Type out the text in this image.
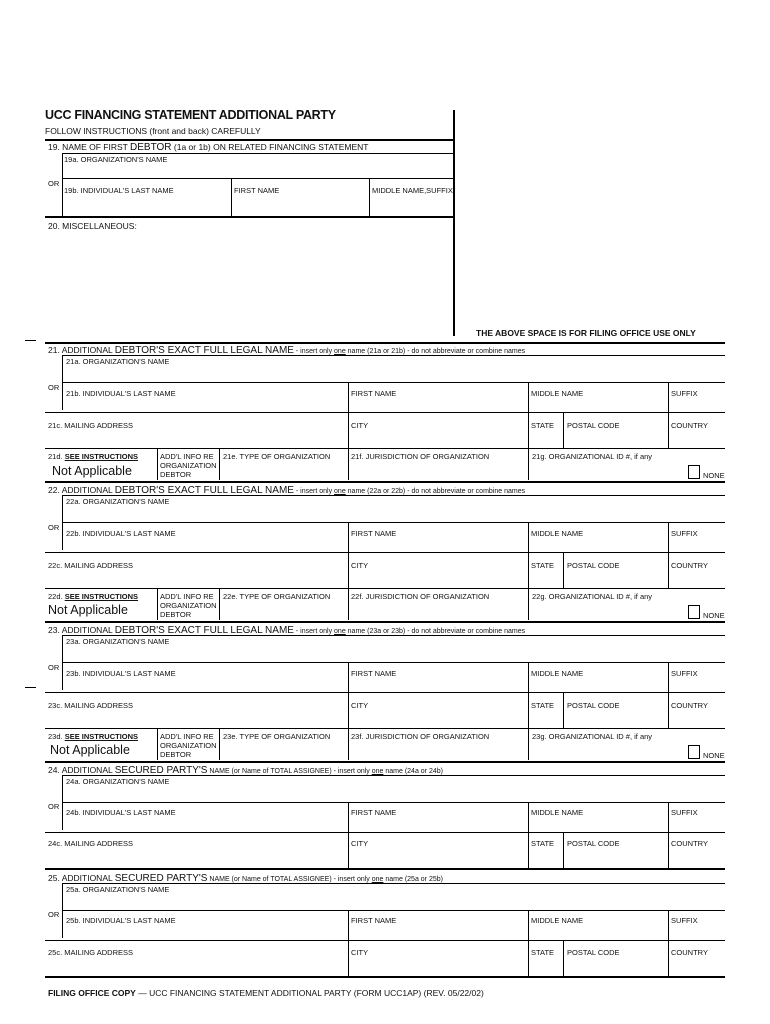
UCC FINANCING STATEMENT ADDITIONAL PARTY
FOLLOW INSTRUCTIONS (front and back) CAREFULLY
19. NAME OF FIRST DEBTOR (1a or 1b) ON RELATED FINANCING STATEMENT
19a. ORGANIZATION'S NAME
OR
19b. INDIVIDUAL'S LAST NAME	FIRST NAME	MIDDLE NAME,SUFFIX
20. MISCELLANEOUS:
THE ABOVE SPACE IS FOR FILING OFFICE USE ONLY
21. ADDITIONAL DEBTOR'S EXACT FULL LEGAL NAME - insert only one name (21a or 21b) - do not abbreviate or combine names
21a. ORGANIZATION'S NAME
OR
21b. INDIVIDUAL'S LAST NAME	FIRST NAME	MIDDLE NAME	SUFFIX
21c. MAILING ADDRESS	CITY	STATE POSTAL CODE	COUNTRY
21d. SEE INSTRUCTIONS	ADD'L INFO RE
ORGANIZATION
DEBTOR
21e. TYPE OF ORGANIZATION	21f. JURISDICTION OF ORGANIZATION	21g. ORGANIZATIONAL ID #, if any
Not Applicable	NONE
22. ADDITIONAL DEBTOR'S EXACT FULL LEGAL NAME - insert only one name (22a or 22b) - do not abbreviate or combine names
22a. ORGANIZATION'S NAME
OR
22b. INDIVIDUAL'S LAST NAME	FIRST NAME	MIDDLE NAME	SUFFIX
22c. MAILING ADDRESS	CITY	STATE POSTAL CODE	COUNTRY
22d. SEE INSTRUCTIONS	ADD'L INFO RE
ORGANIZATION
DEBTOR
22e. TYPE OF ORGANIZATION	22f. JURISDICTION OF ORGANIZATION	22g. ORGANIZATIONAL ID #, if any
Not Applicable	NONE
23. ADDITIONAL DEBTOR'S EXACT FULL LEGAL NAME - insert only one name (23a or 23b) - do not abbreviate or combine names
23a. ORGANIZATION'S NAME
OR
23b. INDIVIDUAL'S LAST NAME	FIRST NAME	MIDDLE NAME	SUFFIX
23c. MAILING ADDRESS	CITY	STATE POSTAL CODE	COUNTRY
23d. SEE INSTRUCTIONS	ADD'L INFO RE
ORGANIZATION
DEBTOR
23e. TYPE OF ORGANIZATION	23f. JURISDICTION OF ORGANIZATION	23g. ORGANIZATIONAL ID #, if any
Not Applicable	NONE
24. ADDITIONAL SECURED PARTY'S NAME (or Name of TOTAL ASSIGNEE) - insert only one name (24a or 24b)
24a. ORGANIZATION'S NAME
OR
24b. INDIVIDUAL'S LAST NAME	FIRST NAME	MIDDLE NAME	SUFFIX
24c. MAILING ADDRESS	CITY	STATE POSTAL CODE	COUNTRY
25. ADDITIONAL SECURED PARTY'S NAME (or Name of TOTAL ASSIGNEE) - insert only one name (25a or 25b)
25a. ORGANIZATION'S NAME
OR
25b. INDIVIDUAL'S LAST NAME	FIRST NAME	MIDDLE NAME	SUFFIX
25c. MAILING ADDRESS	CITY	STATE POSTAL CODE	COUNTRY
FILING OFFICE COPY — UCC FINANCING STATEMENT ADDITIONAL PARTY (FORM UCC1AP) (REV. 05/22/02)
